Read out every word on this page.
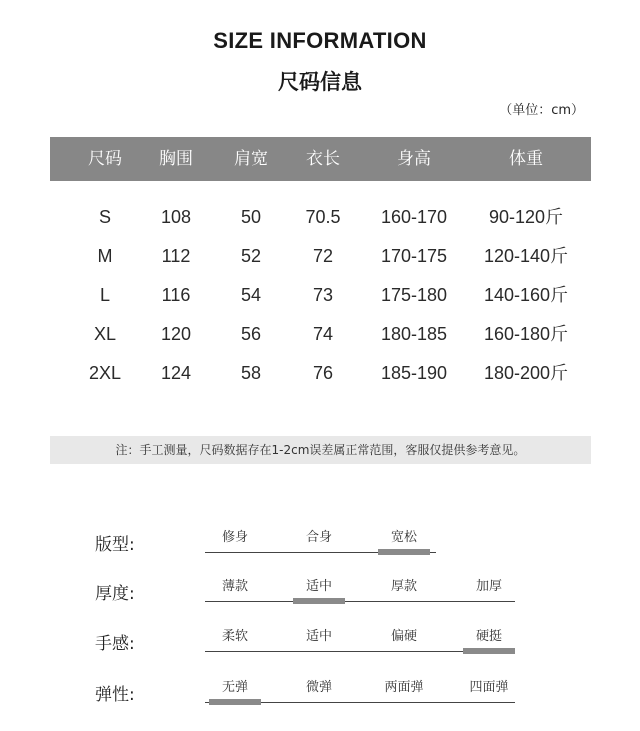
SIZE INFORMATION
尺码信息
（单位：cm）
尺码 胸围 肩宽 衣长	身高	体重
S	108	50 70.5 160-170 90-120斤
M	112	52	72	170-175 120-140斤
L	116	54	73	175-180 140-160斤
XL 120	56	74	180-185 160-180斤
2XL 124	58	76	185-190 180-200斤
注：手工测量，尺码数据存在1-2cm误差属正常范围，客服仅提供参考意见。
版型:	修身	合身	宽松
厚度:	薄款	适中	厚款	加厚
手感:	柔软	适中	偏硬	硬挺
弹性:	无弹	微弹	两面弹	四面弹
